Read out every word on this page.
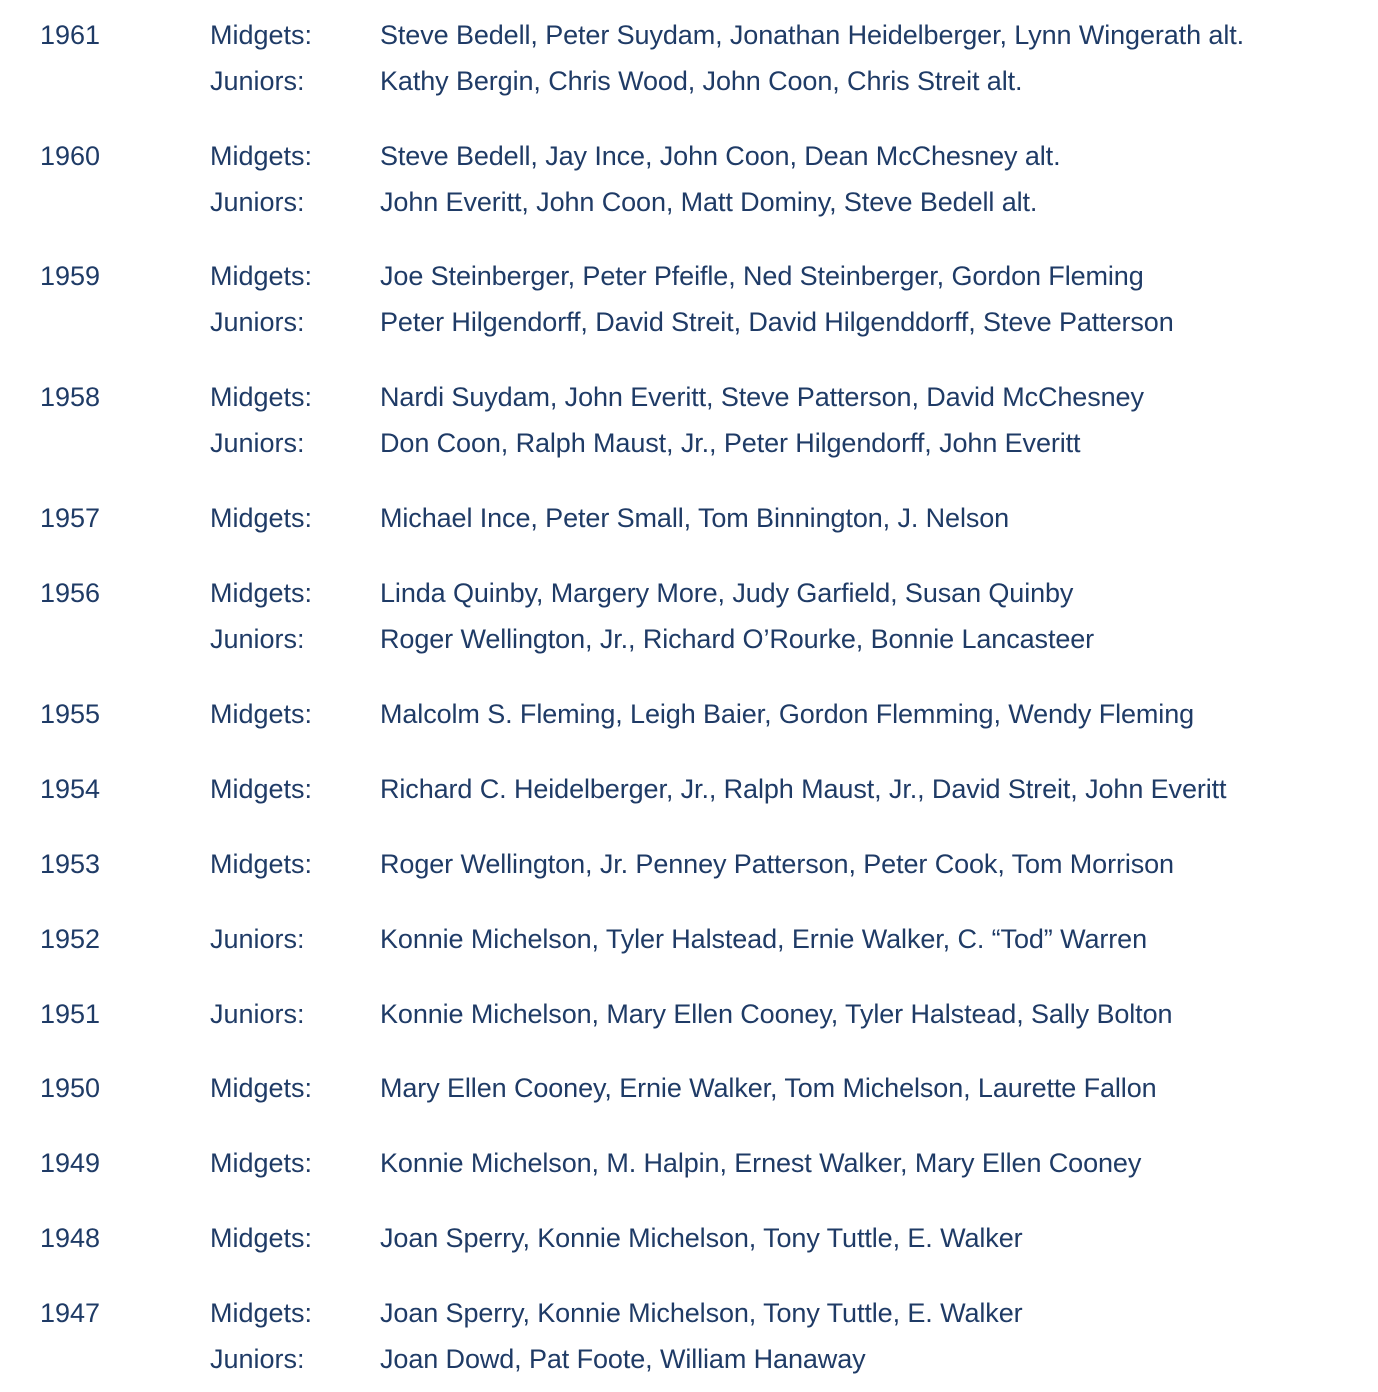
1961	Midgets:	Steve Bedell, Peter Suydam, Jonathan Heidelberger, Lynn Wingerath alt.
Juniors:	Kathy Bergin, Chris Wood, John Coon, Chris Streit alt.
1960	Midgets:	Steve Bedell, Jay Ince, John Coon, Dean McChesney alt.
Juniors:	John Everitt, John Coon, Matt Dominy, Steve Bedell alt.
1959	Midgets:	Joe Steinberger, Peter Pfeifle, Ned Steinberger, Gordon Fleming
Juniors:	Peter Hilgendorff, David Streit, David Hilgenddorff, Steve Patterson
1958	Midgets:	Nardi Suydam, John Everitt, Steve Patterson, David McChesney
Juniors:	Don Coon, Ralph Maust, Jr., Peter Hilgendorff, John Everitt
1957	Midgets:	Michael Ince, Peter Small, Tom Binnington, J. Nelson
1956	Midgets:	Linda Quinby, Margery More, Judy Garfield, Susan Quinby
Juniors:	Roger Wellington, Jr., Richard O’Rourke, Bonnie Lancasteer
1955	Midgets:	Malcolm S. Fleming, Leigh Baier, Gordon Flemming, Wendy Fleming
1954	Midgets:	Richard C. Heidelberger, Jr., Ralph Maust, Jr., David Streit, John Everitt
1953	Midgets:	Roger Wellington, Jr. Penney Patterson, Peter Cook, Tom Morrison
1952	Juniors:	Konnie Michelson, Tyler Halstead, Ernie Walker, C. “Tod” Warren
1951	Juniors:	Konnie Michelson, Mary Ellen Cooney, Tyler Halstead, Sally Bolton
1950	Midgets:	Mary Ellen Cooney, Ernie Walker, Tom Michelson, Laurette Fallon
1949	Midgets:	Konnie Michelson, M. Halpin, Ernest Walker, Mary Ellen Cooney
1948	Midgets:	Joan Sperry, Konnie Michelson, Tony Tuttle, E. Walker
1947	Midgets:	Joan Sperry, Konnie Michelson, Tony Tuttle, E. Walker
Juniors:	Joan Dowd, Pat Foote, William Hanaway
